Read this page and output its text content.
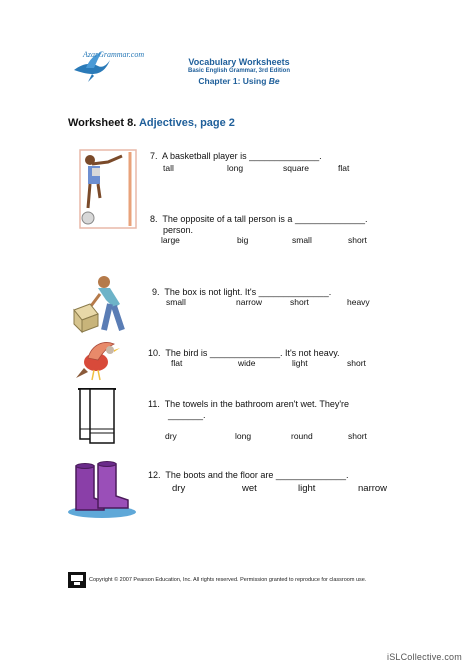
AzarGrammar.com
Vocabulary Worksheets
Basic English Grammar, 3rd Edition
Chapter 1: Using Be
Worksheet 8. Adjectives, page 2
7. A basketball player is ______________.
tall	long	square	flat
8. The opposite of a tall person is a ______________.
person.
large	big	small	short
9. The box is not light. It's ______________.
small	narrow	short	heavy
10. The bird is ______________. It's not heavy.
flat	wide	light	short
11. The towels in the bathroom aren't wet. They're
_______.
dry	long	round	short
12. The boots and the floor are ______________.
dry	wet	light	narrow
Copyright © 2007 Pearson Education, Inc. All rights reserved. Permission granted to reproduce for classroom use.
iSLCollective.com
